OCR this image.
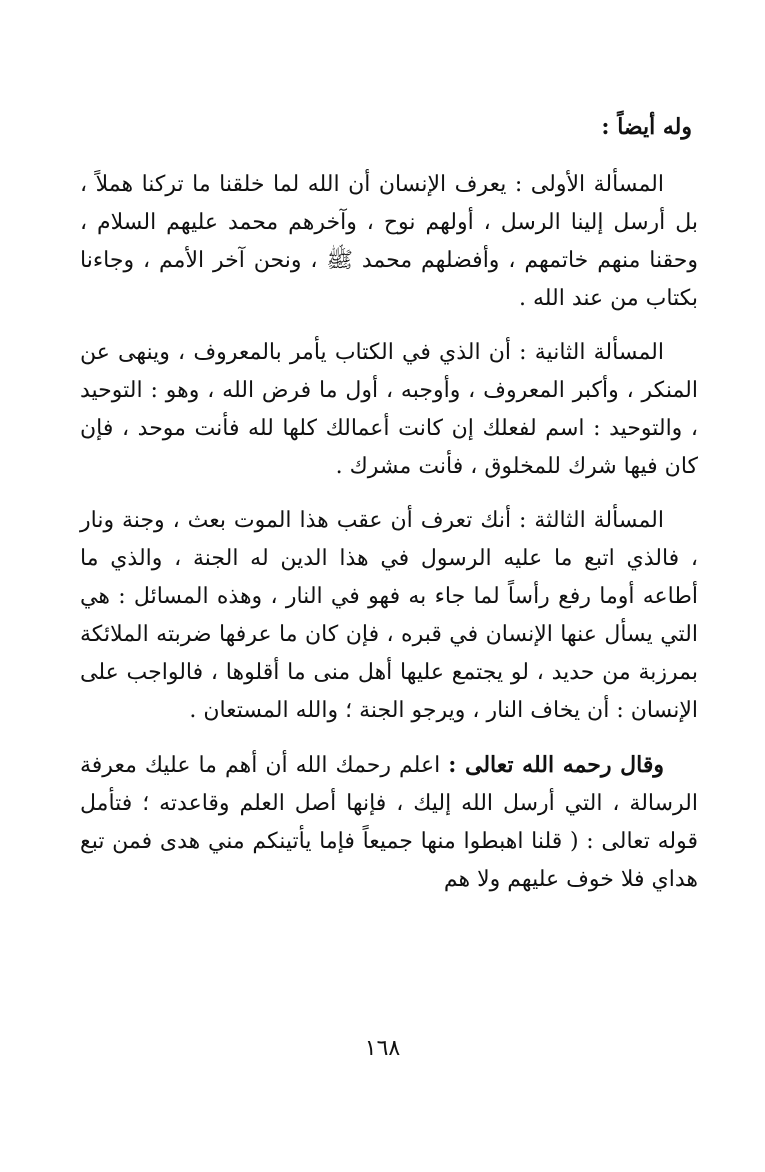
وله أيضاً :

المسألة الأولى : يعرف الإنسان أن الله لما خلقنا ما تركنا هملاً ، بل أرسل إلينا الرسل ، أولهم نوح ، وآخرهم محمد عليهم السلام ، وحقنا منهم خاتمهم ، وأفضلهم محمد ﷺ ، ونحن آخر الأمم ، وجاءنا بكتاب من عند الله .

المسألة الثانية : أن الذي في الكتاب يأمر بالمعروف ، وينهى عن المنكر ، وأكبر المعروف ، وأوجبه ، أول ما فرض الله ، وهو : التوحيد ، والتوحيد : اسم لفعلك إن كانت أعمالك كلها لله فأنت موحد ، فإن كان فيها شرك للمخلوق ، فأنت مشرك .

المسألة الثالثة : أنك تعرف أن عقب هذا الموت بعث ، وجنة ونار ، فالذي اتبع ما عليه الرسول في هذا الدين له الجنة ، والذي ما أطاعه أوما رفع رأساً لما جاء به فهو في النار ، وهذه المسائل : هي التي يسأل عنها الإنسان في قبره ، فإن كان ما عرفها ضربته الملائكة بمرزبة من حديد ، لو يجتمع عليها أهل منى ما أقلوها ، فالواجب على الإنسان : أن يخاف النار ، ويرجو الجنة ؛ والله المستعان .

وقال رحمه الله تعالى : اعلم رحمك الله أن أهم ما عليك معرفة الرسالة ، التي أرسل الله إليك ، فإنها أصل العلم وقاعدته ؛ فتأمل قوله تعالى : ( قلنا اهبطوا منها جميعاً فإما يأتينكم مني هدى فمن تبع هداي فلا خوف عليهم ولا هم

١٦٨
